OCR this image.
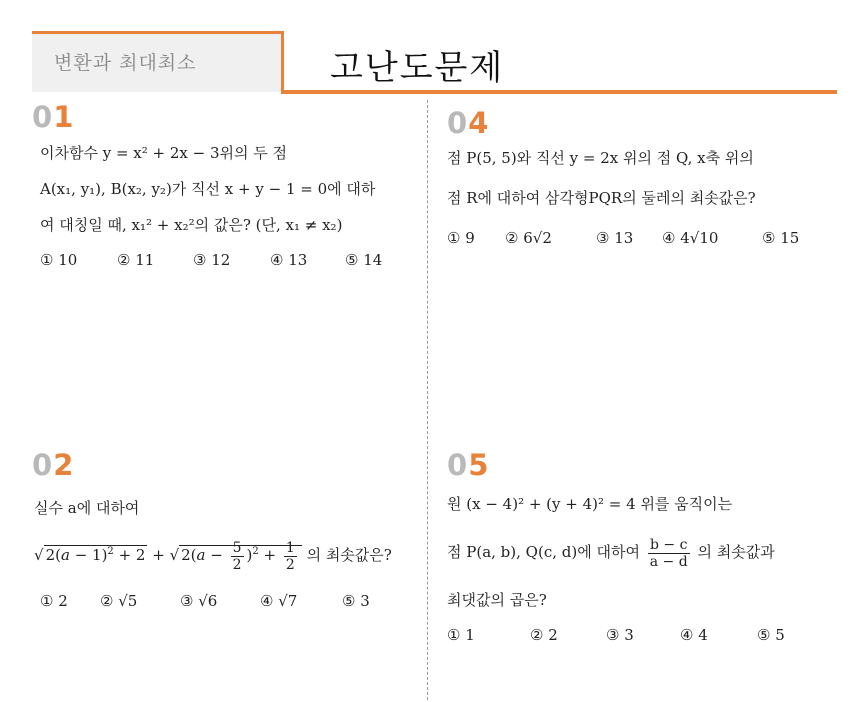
변환과 최대최소	고난도문제
01
이차함수 y = x² + 2x − 3위의 두 점
A(x₁, y₁), B(x₂, y₂)가 직선 x + y − 1 = 0에 대하
여 대칭일 때, x₁² + x₂²의 값은? (단, x₁ ≠ x₂)
① 10	② 11	③ 12	④ 13	⑤ 14
02
실수 a에 대하여
√ $2(a - 1)^2 + 2$ + √ $2(a - \frac{5}{2} )^2 + \frac{1}{2}$ 의 최솟값은?
① 2 ② √5	③ √6	④ √7	⑤ 3
04
점 P(5, 5)와 직선 y = 2x 위의 점 Q, x축 위의
점 R에 대하여 삼각형PQR의 둘레의 최솟값은?
① 9 ② 6√2	③ 13 ④ 4√10	⑤ 15
05
원 (x − 4)² + (y + 4)² = 4 위를 움직이는
점 P(a, b), Q(c, d)에 대하여 $\frac{b - c}{a - d}$ 의 최솟값과
최댓값의 곱은?
① 1	② 2	③ 3	④ 4	⑤ 5
